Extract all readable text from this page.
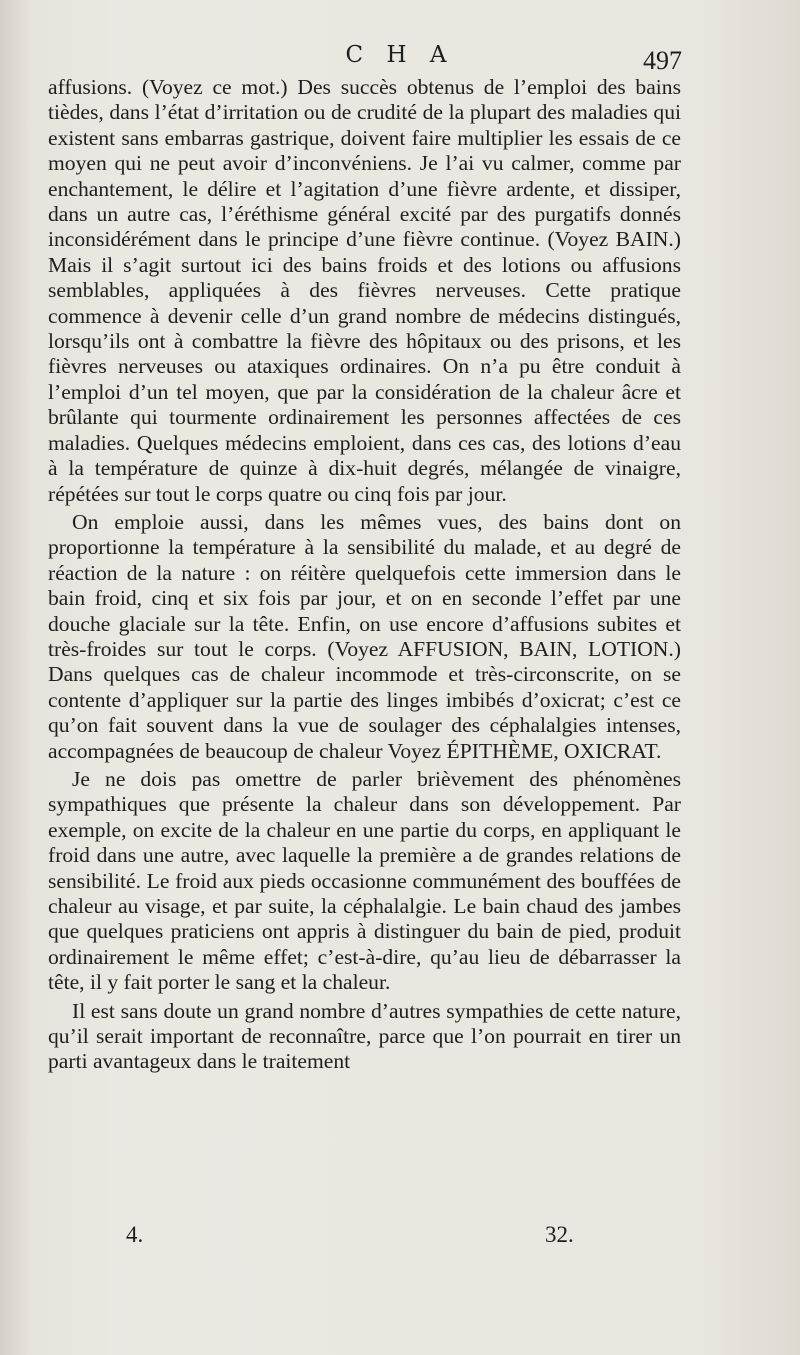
C H A	497

affusions. (Voyez ce mot.) Des succès obtenus de l’emploi des bains tièdes, dans l’état d’irritation ou de crudité de la plupart des maladies qui existent sans embarras gastrique, doivent faire multiplier les essais de ce moyen qui ne peut avoir d’inconvéniens. Je l’ai vu calmer, comme par enchantement, le délire et l’agitation d’une fièvre ardente, et dissiper, dans un autre cas, l’éréthisme général excité par des purgatifs donnés inconsidérément dans le principe d’une fièvre continue. (Voyez BAIN.) Mais il s’agit surtout ici des bains froids et des lotions ou affusions semblables, appliquées à des fièvres nerveuses. Cette pratique commence à devenir celle d’un grand nombre de médecins distingués, lorsqu’ils ont à combattre la fièvre des hôpitaux ou des prisons, et les fièvres nerveuses ou ataxiques ordinaires. On n’a pu être conduit à l’emploi d’un tel moyen, que par la considération de la chaleur âcre et brûlante qui tourmente ordinairement les personnes affectées de ces maladies. Quelques médecins emploient, dans ces cas, des lotions d’eau à la température de quinze à dix-huit degrés, mélangée de vinaigre, répétées sur tout le corps quatre ou cinq fois par jour.

On emploie aussi, dans les mêmes vues, des bains dont on proportionne la température à la sensibilité du malade, et au degré de réaction de la nature : on réitère quelquefois cette immersion dans le bain froid, cinq et six fois par jour, et on en seconde l’effet par une douche glaciale sur la tête. Enfin, on use encore d’affusions subites et très-froides sur tout le corps. (Voyez AFFUSION, BAIN, LOTION.) Dans quelques cas de chaleur incommode et très-circonscrite, on se contente d’appliquer sur la partie des linges imbibés d’oxicrat; c’est ce qu’on fait souvent dans la vue de soulager des céphalalgies intenses, accompagnées de beaucoup de chaleur Voyez ÉPITHÈME, OXICRAT.

Je ne dois pas omettre de parler brièvement des phénomènes sympathiques que présente la chaleur dans son développement. Par exemple, on excite de la chaleur en une partie du corps, en appliquant le froid dans une autre, avec laquelle la première a de grandes relations de sensibilité. Le froid aux pieds occasionne communément des bouffées de chaleur au visage, et par suite, la céphalalgie. Le bain chaud des jambes que quelques praticiens ont appris à distinguer du bain de pied, produit ordinairement le même effet; c’est-à-dire, qu’au lieu de débarrasser la tête, il y fait porter le sang et la chaleur.

Il est sans doute un grand nombre d’autres sympathies de cette nature, qu’il serait important de reconnaître, parce que l’on pourrait en tirer un parti avantageux dans le traitement

4.	32.
